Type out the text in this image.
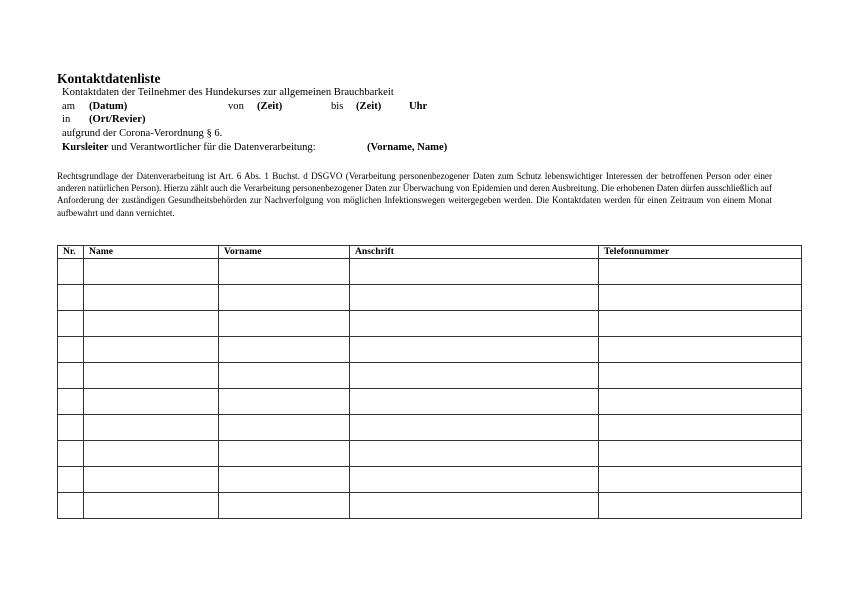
Kontaktdatenliste
Kontaktdaten der Teilnehmer des Hundekurses zur allgemeinen Brauchbarkeit
am (Datum)	von (Zeit)	bis (Zeit)	Uhr
in (Ort/Revier)
aufgrund der Corona-Verordnung § 6.
Kursleiter und Verantwortlicher für die Datenverarbeitung:	(Vorname, Name)
Rechtsgrundlage der Datenverarbeitung ist Art. 6 Abs. 1 Buchst. d DSGVO (Verarbeitung personenbezogener Daten zum Schutz lebenswichtiger Interessen der betroffenen Person oder einer anderen natürlichen Person). Hierzu zählt auch die Verarbeitung personenbezogener Daten zur Überwachung von Epidemien und deren Ausbreitung. Die erhobenen Daten dürfen ausschließlich auf Anforderung der zuständigen Gesundheitsbehörden zur Nachverfolgung von möglichen Infektionswegen weitergegeben werden. Die Kontaktdaten werden für einen Zeitraum von einem Monat aufbewahrt und dann vernichtet.
Nr.	Name	Vorname	Anschrift	Telefonnummer
